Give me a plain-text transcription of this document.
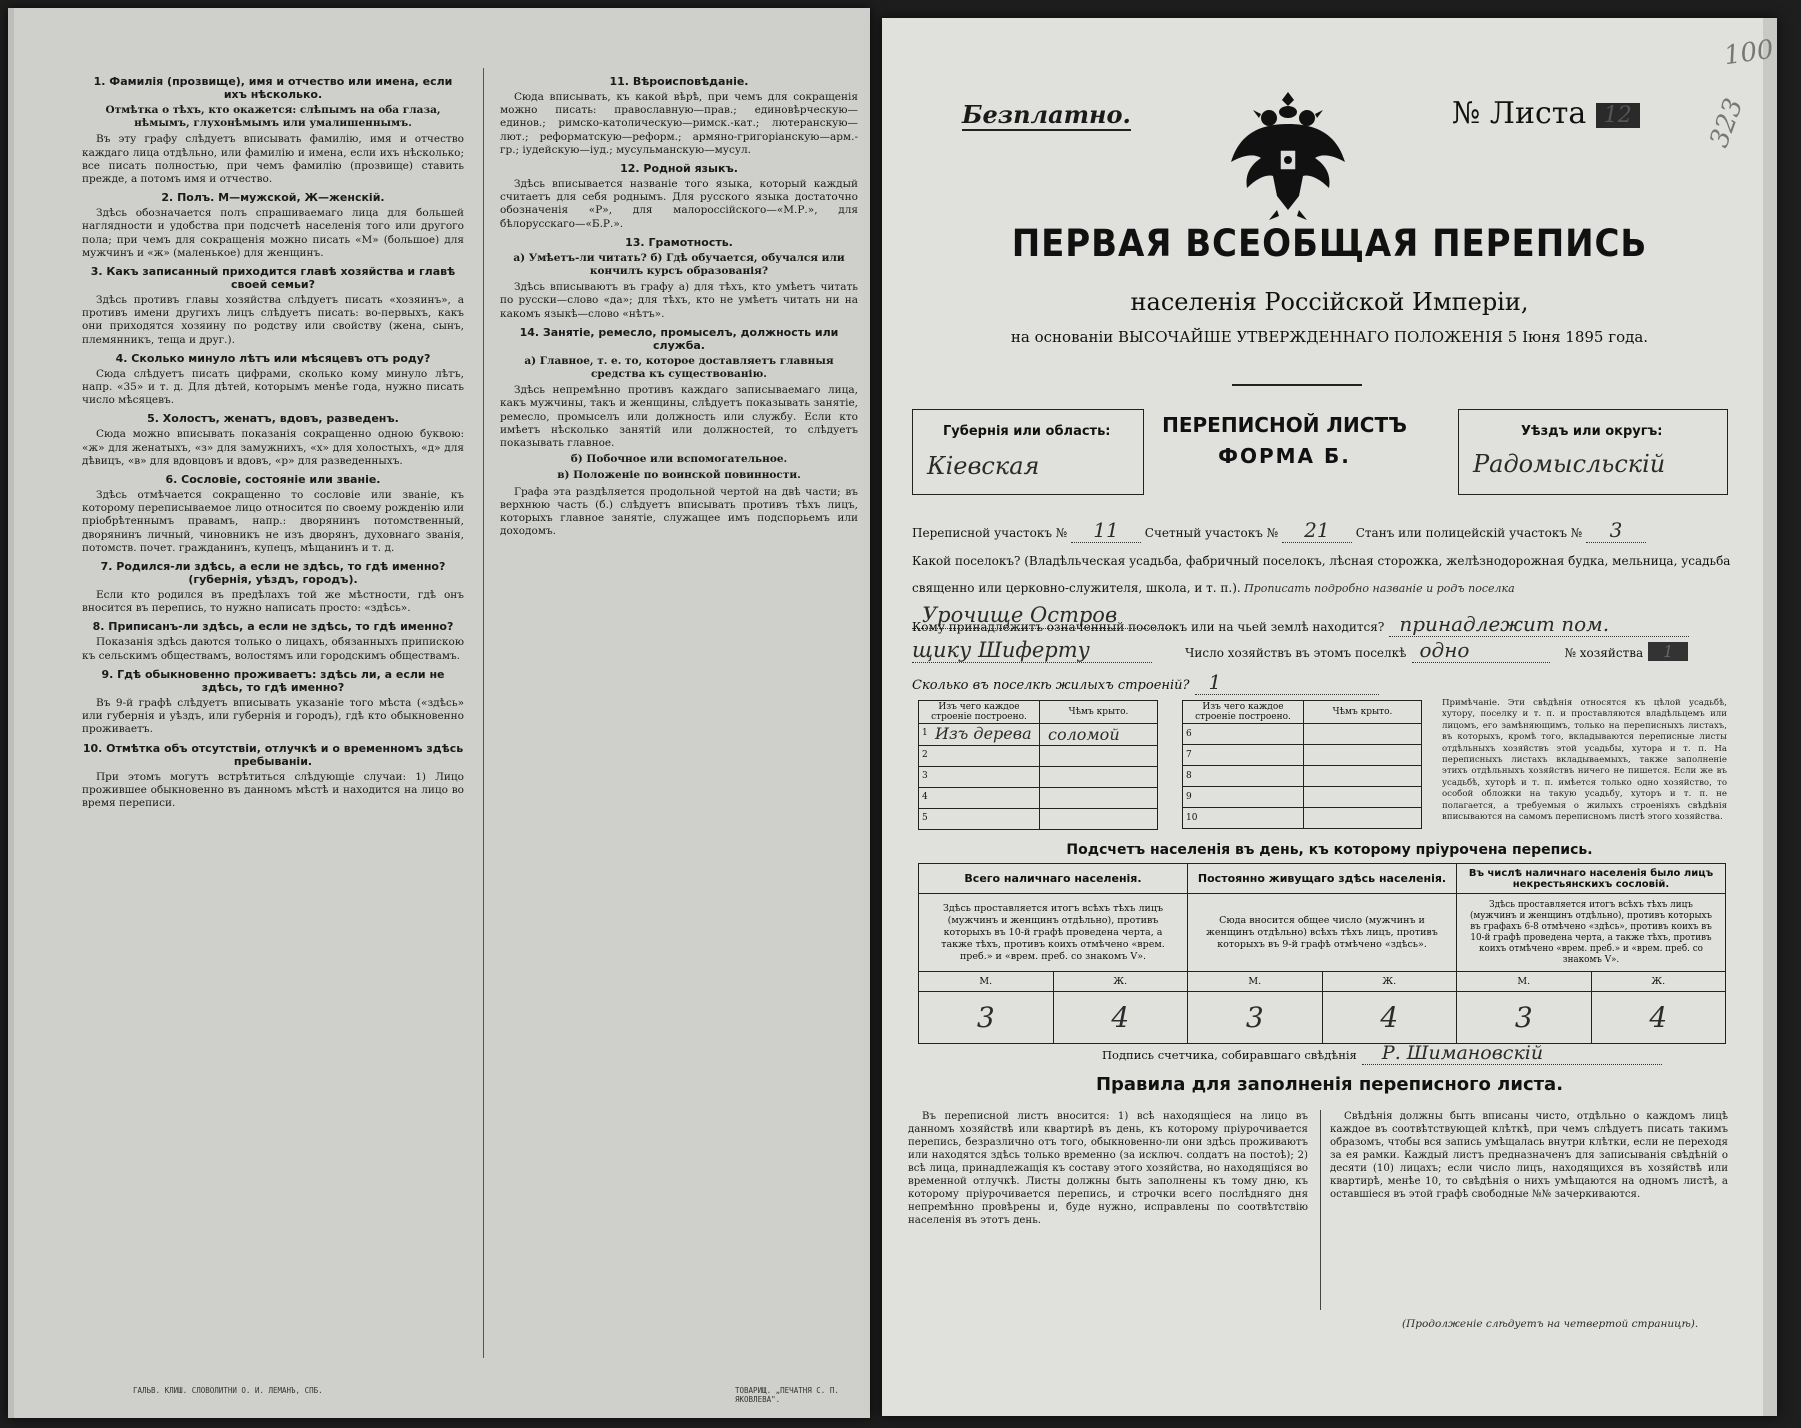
1. Фамилія (прозвище), имя и отчество или имена, если ихъ нѣсколько.

Отмѣтка о тѣхъ, кто окажется: слѣпымъ на оба глаза, нѣмымъ, глухонѣмымъ или умалишеннымъ.

Въ эту графу слѣдуетъ вписывать фамилію, имя и отчество каждаго лица отдѣльно, или фамилію и имена, если ихъ нѣсколько; все писать полностью, при чемъ фамилію (прозвище) ставить прежде, а потомъ имя и отчество.

2. Полъ. М—мужской, Ж—женскій.

Здѣсь обозначается полъ спрашиваемаго лица для большей наглядности и удобства при подсчетѣ населенія того или другого пола; при чемъ для сокращенія можно писать «М» (большое) для мужчинъ и «ж» (маленькое) для женщинъ.

3. Какъ записанный приходится главѣ хозяйства и главѣ своей семьи?

Здѣсь противъ главы хозяйства слѣдуетъ писать «хозяинъ», а противъ имени другихъ лицъ слѣдуетъ писать: во-первыхъ, какъ они приходятся хозяину по родству или свойству (жена, сынъ, племянникъ, теща и друг.).

4. Сколько минуло лѣтъ или мѣсяцевъ отъ роду?

Сюда слѣдуетъ писать цифрами, сколько кому минуло лѣтъ, напр. «35» и т. д. Для дѣтей, которымъ менѣе года, нужно писать число мѣсяцевъ.

5. Холостъ, женатъ, вдовъ, разведенъ.

Сюда можно вписывать показанія сокращенно одною буквою: «ж» для женатыхъ, «з» для замужнихъ, «х» для холостыхъ, «д» для дѣвицъ, «в» для вдовцовъ и вдовъ, «р» для разведенныхъ.

6. Сословіе, состояніе или званіе.

Здѣсь отмѣчается сокращенно то сословіе или званіе, къ которому переписываемое лицо относится по своему рожденію или пріобрѣтеннымъ правамъ, напр.: дворянинъ потомственный, дворянинъ личный, чиновникъ не изъ дворянъ, духовнаго званія, потомств. почет. гражданинъ, купецъ, мѣщанинъ и т. д.

7. Родился-ли здѣсь, а если не здѣсь, то гдѣ именно? (губернія, уѣздъ, городъ).

Если кто родился въ предѣлахъ той же мѣстности, гдѣ онъ вносится въ перепись, то нужно написать просто: «здѣсь».

8. Приписанъ-ли здѣсь, а если не здѣсь, то гдѣ именно?

Показанія здѣсь даются только о лицахъ, обязанныхъ припискою къ сельскимъ обществамъ, волостямъ или городскимъ обществамъ.

9. Гдѣ обыкновенно проживаетъ: здѣсь ли, а если не здѣсь, то гдѣ именно?

Въ 9-й графѣ слѣдуетъ вписывать указаніе того мѣста («здѣсь» или губернія и уѣздъ, или губернія и городъ), гдѣ кто обыкновенно проживаетъ.

10. Отмѣтка объ отсутствіи, отлучкѣ и о временномъ здѣсь пребываніи.

При этомъ могутъ встрѣтиться слѣдующіе случаи: 1) Лицо прожившее обыкновенно въ данномъ мѣстѣ и находится на лицо во время переписи.

11. Вѣроисповѣданіе.

Сюда вписывать, къ какой вѣрѣ, при чемъ для сокращенія можно писать: православную—прав.; единовѣрческую—единов.; римско-католическую—римск.-кат.; лютеранскую—лют.; реформатскую—реформ.; армяно-григоріанскую—арм.-гр.; іудейскую—іуд.; мусульманскую—мусул.

12. Родной языкъ.

Здѣсь вписывается названіе того языка, который каждый считаетъ для себя роднымъ. Для русского языка достаточно обозначенія «Р», для малороссійского—«М.Р.», для бѣлорусскаго—«Б.Р.».

13. Грамотность.

а) Умѣетъ-ли читать? б) Гдѣ обучается, обучался или кончилъ курсъ образованія?

Здѣсь вписываютъ въ графу а) для тѣхъ, кто умѣетъ читать по русски—слово «да»; для тѣхъ, кто не умѣетъ читать ни на какомъ языкѣ—слово «нѣтъ».

14. Занятіе, ремесло, промыселъ, должность или служба.

а) Главное, т. е. то, которое доставляетъ главныя средства къ существованію.

Здѣсь непремѣнно противъ каждаго записываемаго лица, какъ мужчины, такъ и женщины, слѣдуетъ показывать занятіе, ремесло, промыселъ или должность или службу. Если кто имѣетъ нѣсколько занятій или должностей, то слѣдуетъ показывать главное.

б) Побочное или вспомогательное.

в) Положеніе по воинской повинности.

Графа эта раздѣляется продольной чертой на двѣ части; въ верхнюю часть (б.) слѣдуетъ вписывать противъ тѣхъ лицъ, которыхъ главное занятіе, служащее имъ подспорьемъ или доходомъ.

ГАЛЬВ. КЛИШ. СЛОВОЛИТНИ О. И. ЛЕМАНЪ, СПБ.	ТОВАРИЩ. „ПЕЧАТНЯ С. П. ЯКОВЛЕВА".
100
323
Безплатно.	№ Листа 12
ПЕРВАЯ ВСЕОБЩАЯ ПЕРЕПИСЬ
населенія Россійской Имперіи,
на основаніи ВЫСОЧАЙШЕ УТВЕРЖДЕННАГО ПОЛОЖЕНІЯ 5 Іюня 1895 года.
Губернія или область:
Кіевская
ПЕРЕПИСНОЙ ЛИСТЪ
ФОРМА Б.
Уѣздъ или округъ:
Радомысльскій
Переписной участокъ № 11 Счетный участокъ № 21 Станъ или полицейскій участокъ № 3
Какой поселокъ? (Владѣльческая усадьба, фабричный поселокъ, лѣсная сторожка, желѣзнодорожная будка, мельница, усадьба священно или церковно-служителя, школа, и т. п.). Прописать подробно названіе и родъ поселка Урочище Остров
Кому принадлежитъ означенный поселокъ или на чьей землѣ находится? принадлежит пом.
щику Шиферту	Число хозяйствъ въ этомъ поселкѣ одно	№ хозяйства 1
Сколько въ поселкѣ жилыхъ строеній? 1
Изъ чего каждое строеніе построено.	Чѣмъ крыто.

1 Изъ дерева	соломой

2	

3	

4	

5	

Изъ чего каждое строеніе построено.	Чѣмъ крыто.
6	
7	
8	
9	
10	
Примѣчаніе. Эти свѣдѣнія относятся къ цѣлой усадьбѣ, хутору, поселку и т. п. и проставляются владѣльцемъ или лицомъ, его замѣняющимъ, только на переписныхъ листахъ, въ которыхъ, кромѣ того, вкладываются переписные листы отдѣльныхъ хозяйствъ этой усадьбы, хутора и т. п. На переписныхъ листахъ вкладываемыхъ, также заполненіе этихъ отдѣльныхъ хозяйствъ ничего не пишется. Если же въ усадьбѣ, хуторѣ и т. п. имѣется только одно хозяйство, то особой обложки на такую усадьбу, хуторъ и т. п. не полагается, а требуемыя о жилыхъ строеніяхъ свѣдѣнія вписываются на самомъ переписномъ листѣ этого хозяйства.
Подсчетъ населенія въ день, къ которому пріурочена перепись.
Всего наличнаго населенія.		Постоянно живущаго здѣсь населенія.		Въ числѣ наличнаго населенія было лицъ некрестьянскихъ сословій.	
Здѣсь проставляется итогъ всѣхъ тѣхъ лицъ (мужчинъ и женщинъ отдѣльно), противъ которыхъ въ 10-й графѣ проведена черта, а также тѣхъ, противъ коихъ отмѣчено «врем. преб.» и «врем. преб. со знакомъ V».		Сюда вносится общее число (мужчинъ и женщинъ отдѣльно) всѣхъ тѣхъ лицъ, противъ которыхъ въ 9-й графѣ отмѣчено «здѣсь».		Здѣсь проставляется итогъ всѣхъ тѣхъ лицъ (мужчинъ и женщинъ отдѣльно), противъ которыхъ въ графахъ 6-8 отмѣчено «здѣсь», противъ коихъ въ 10-й графѣ проведена черта, а также тѣхъ, противъ коихъ отмѣчено «врем. преб.» и «врем. преб. со знакомъ V».	
М.	Ж.	М.	Ж.	М.	Ж.
3	4	3	4	3	4
Подпись счетчика, собиравшаго свѣдѣнія Р. Шимановскій
Правила для заполненія переписного листа.
Въ переписной листъ вносится: 1) всѣ находящіеся на лицо въ данномъ хозяйствѣ или квартирѣ въ день, къ которому пріурочивается перепись, безразлично отъ того, обыкновенно-ли они здѣсь проживаютъ или находятся здѣсь только временно (за исключ. солдатъ на постоѣ); 2) всѣ лица, принадлежащія къ составу этого хозяйства, но находящіяся во временной отлучкѣ. Листы должны быть заполнены къ тому дню, къ которому пріурочивается перепись, и строчки всего послѣдняго дня непремѣнно провѣрены и, буде нужно, исправлены по соотвѣтствію населенія въ этотъ день.
Свѣдѣнія должны быть вписаны чисто, отдѣльно о каждомъ лицѣ каждое въ соотвѣтствующей клѣткѣ, при чемъ слѣдуетъ писать такимъ образомъ, чтобы вся запись умѣщалась внутри клѣтки, если не переходя за ея рамки. Каждый листъ предназначенъ для записыванія свѣдѣній о десяти (10) лицахъ; если число лицъ, находящихся въ хозяйствѣ или квартирѣ, менѣе 10, то свѣдѣнія о нихъ умѣщаются на одномъ листѣ, а оставшіеся въ этой графѣ свободные №№ зачеркиваются.
(Продолженіе слѣдуетъ на четвертой страницѣ).
